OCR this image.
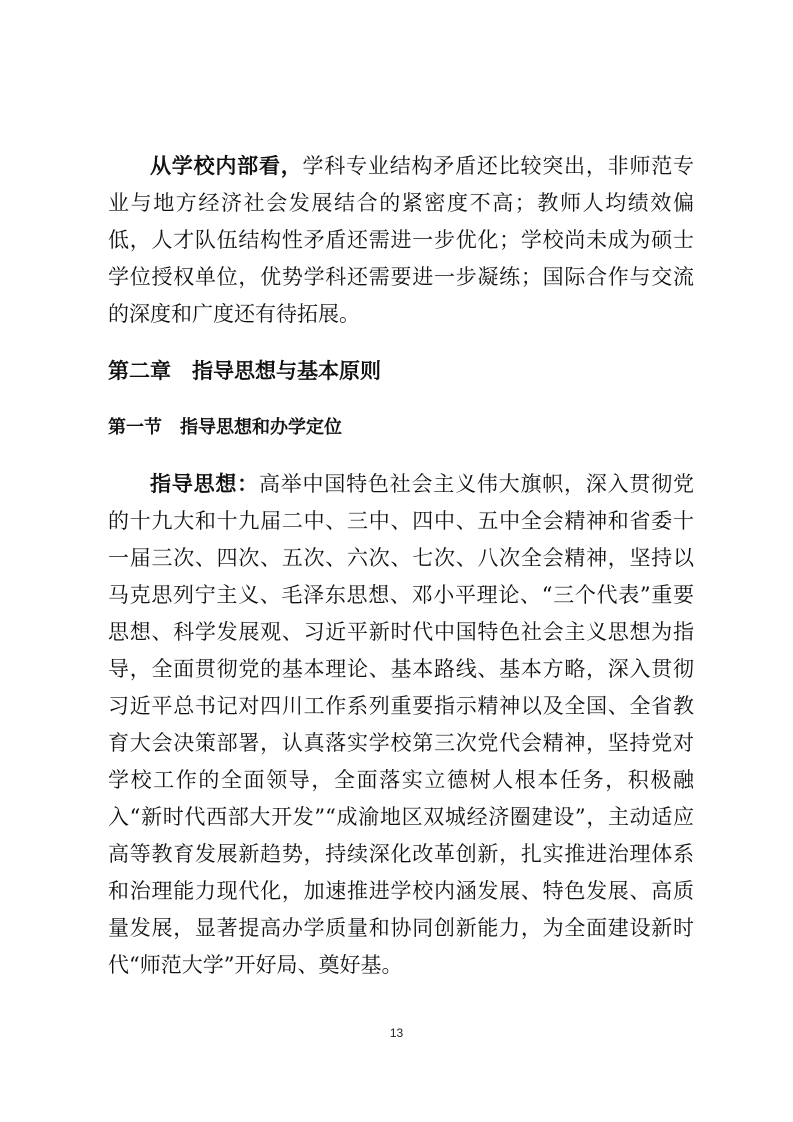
从学校内部看，学科专业结构矛盾还比较突出，非师范专业与地方经济社会发展结合的紧密度不高；教师人均绩效偏低，人才队伍结构性矛盾还需进一步优化；学校尚未成为硕士学位授权单位，优势学科还需要进一步凝练；国际合作与交流的深度和广度还有待拓展。

第二章　指导思想与基本原则
第一节　指导思想和办学定位

指导思想：高举中国特色社会主义伟大旗帜，深入贯彻党的十九大和十九届二中、三中、四中、五中全会精神和省委十一届三次、四次、五次、六次、七次、八次全会精神，坚持以马克思列宁主义、毛泽东思想、邓小平理论、“三个代表”重要思想、科学发展观、习近平新时代中国特色社会主义思想为指导，全面贯彻党的基本理论、基本路线、基本方略，深入贯彻习近平总书记对四川工作系列重要指示精神以及全国、全省教育大会决策部署，认真落实学校第三次党代会精神，坚持党对学校工作的全面领导，全面落实立德树人根本任务，积极融入“新时代西部大开发”“成渝地区双城经济圈建设”，主动适应高等教育发展新趋势，持续深化改革创新，扎实推进治理体系和治理能力现代化，加速推进学校内涵发展、特色发展、高质量发展，显著提高办学质量和协同创新能力，为全面建设新时代“师范大学”开好局、奠好基。

13
